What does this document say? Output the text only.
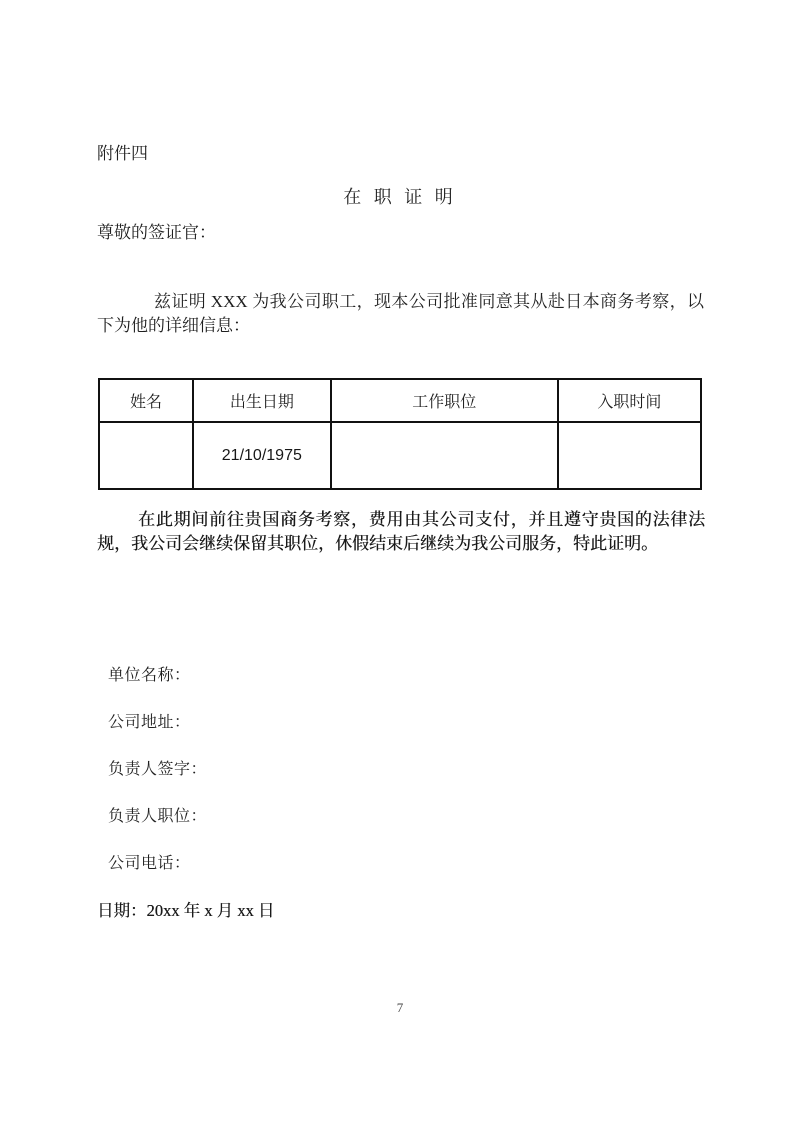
附件四
在 职 证 明
尊敬的签证官：
兹证明 XXX 为我公司职工，现本公司批准同意其从赴日本商务考察，以下为他的详细信息：
姓名	出生日期	工作职位	入职时间
	21/10/1975		
在此期间前往贵国商务考察，费用由其公司支付，并且遵守贵国的法律法规，我公司会继续保留其职位，休假结束后继续为我公司服务，特此证明。
单位名称：
公司地址：
负责人签字：
负责人职位：
公司电话：
日期：20xx 年 x 月 xx 日
7
